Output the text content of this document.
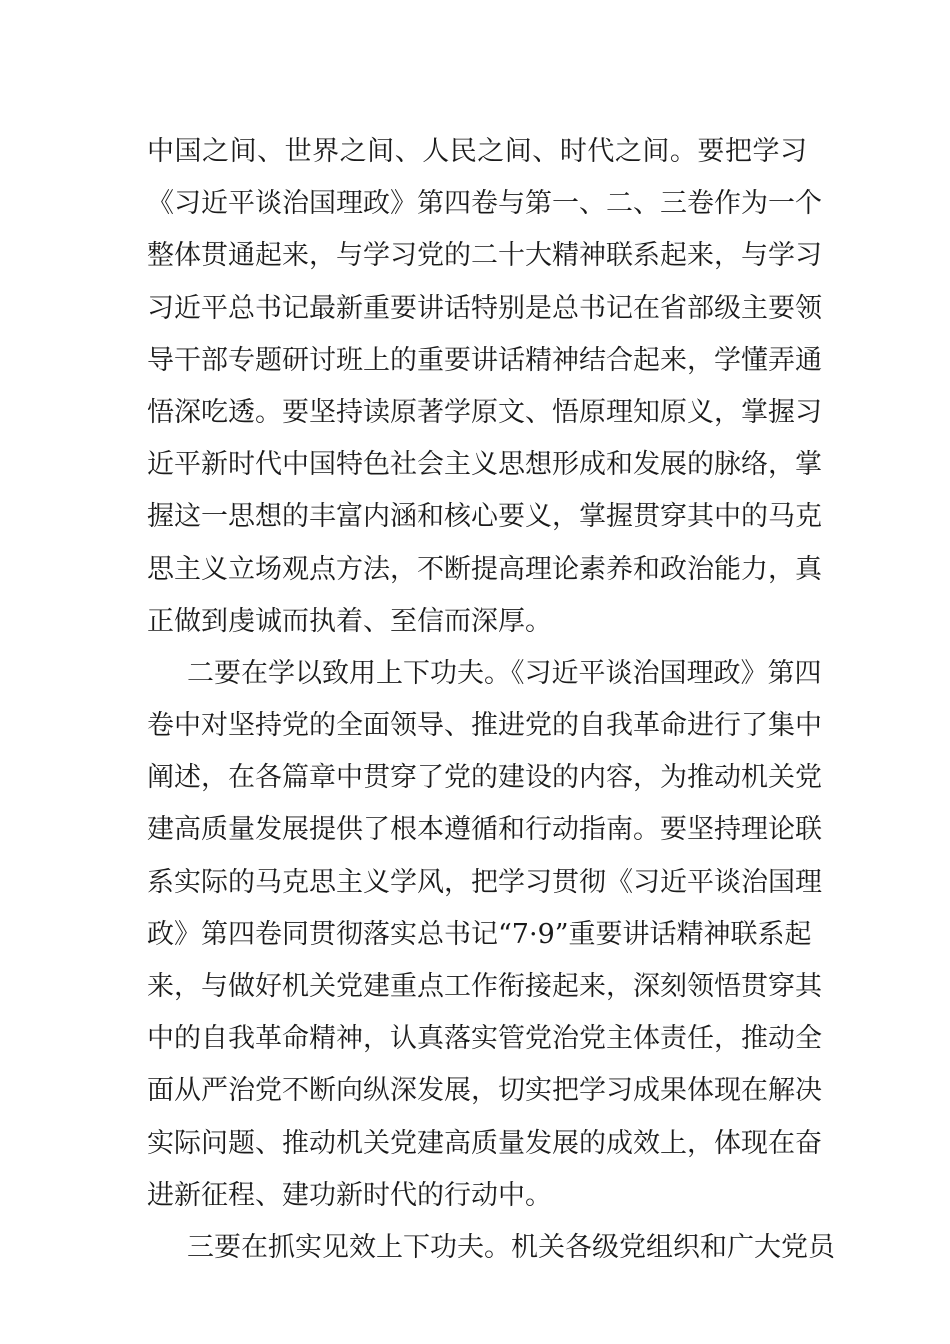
中国之间、世界之间、人民之间、时代之间。要把学习
《习近平谈治国理政》第四卷与第一、二、三卷作为一个
整体贯通起来，与学习党的二十大精神联系起来，与学习
习近平总书记最新重要讲话特别是总书记在省部级主要领
导干部专题研讨班上的重要讲话精神结合起来，学懂弄通
悟深吃透。要坚持读原著学原文、悟原理知原义，掌握习
近平新时代中国特色社会主义思想形成和发展的脉络，掌
握这一思想的丰富内涵和核心要义，掌握贯穿其中的马克
思主义立场观点方法，不断提高理论素养和政治能力，真
正做到虔诚而执着、至信而深厚。
二要在学以致用上下功夫。《习近平谈治国理政》第四
卷中对坚持党的全面领导、推进党的自我革命进行了集中
阐述，在各篇章中贯穿了党的建设的内容，为推动机关党
建高质量发展提供了根本遵循和行动指南。要坚持理论联
系实际的马克思主义学风，把学习贯彻《习近平谈治国理
政》第四卷同贯彻落实总书记“7·9”重要讲话精神联系起
来，与做好机关党建重点工作衔接起来，深刻领悟贯穿其
中的自我革命精神，认真落实管党治党主体责任，推动全
面从严治党不断向纵深发展，切实把学习成果体现在解决
实际问题、推动机关党建高质量发展的成效上，体现在奋
进新征程、建功新时代的行动中。
三要在抓实见效上下功夫。机关各级党组织和广大党员
